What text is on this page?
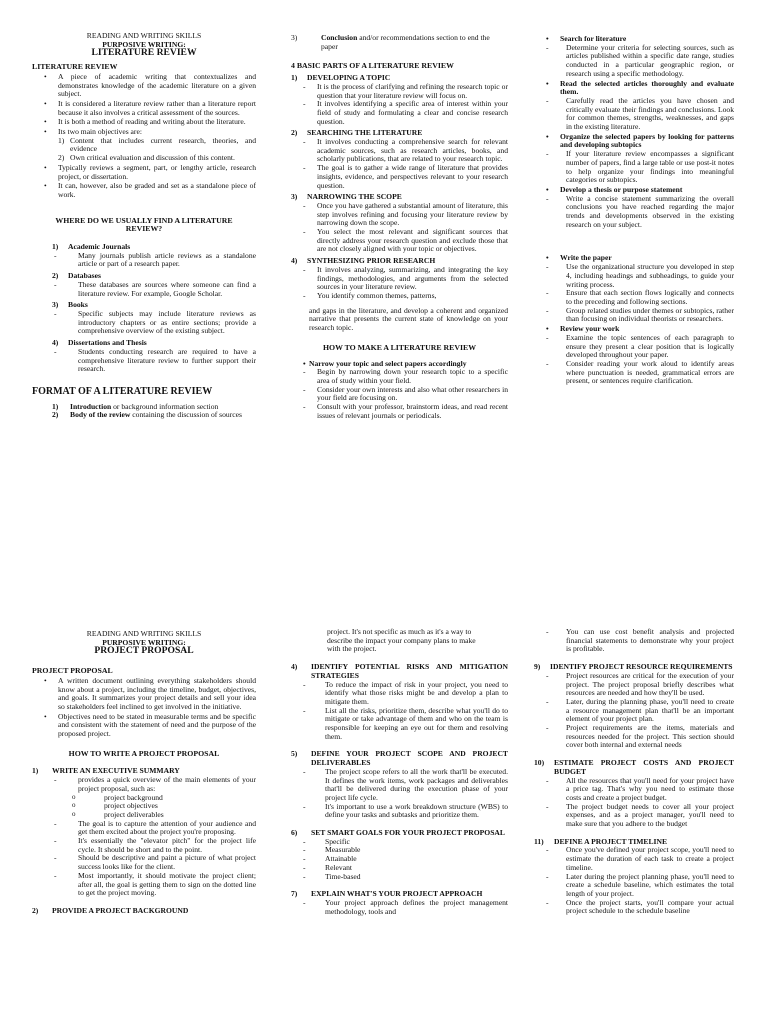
READING AND WRITING SKILLS
PURPOSIVE WRITING:
LITERATURE REVIEW
LITERATURE REVIEW
• A piece of academic writing that contextualizes and demonstrates knowledge of the academic literature on a given subject.
• It is considered a literature review rather than a literature report because it also involves a critical assessment of the sources.
• It is both a method of reading and writing about the literature.
• Its two main objectives are:
1) Content that includes current research, theories, and evidence
2) Own critical evaluation and discussion of this content.
• Typically reviews a segment, part, or lengthy article, research project, or dissertation.
• It can, however, also be graded and set as a standalone piece of work.
WHERE DO WE USUALLY FIND A LITERATURE REVIEW?
1) Academic Journals
- Many journals publish article reviews as a standalone article or part of a research paper.
2) Databases
- These databases are sources where someone can find a literature review. For example, Google Scholar.
3) Books
- Specific subjects may include literature reviews as introductory chapters or as entire sections; provide a comprehensive overview of the existing subject.
4) Dissertations and Thesis
- Students conducting research are required to have a comprehensive literature review to further support their research.
FORMAT OF A LITERATURE REVIEW
1) Introduction or background information section
2) Body of the review containing the discussion of sources
3)	Conclusion and/or recommendations section to end the paper
4 BASIC PARTS OF A LITERATURE REVIEW
1) DEVELOPING A TOPIC
- It is the process of clarifying and refining the research topic or question that your literature review will focus on.
- It involves identifying a specific area of interest within your field of study and formulating a clear and concise research question.
2) SEARCHING THE LITERATURE
- It involves conducting a comprehensive search for relevant academic sources, such as research articles, books, and scholarly publications, that are related to your research topic.
- The goal is to gather a wide range of literature that provides insights, evidence, and perspectives relevant to your research question.
3) NARROWING THE SCOPE
- Once you have gathered a substantial amount of literature, this step involves refining and focusing your literature review by narrowing down the scope.
- You select the most relevant and significant sources that directly address your research question and exclude those that are not closely aligned with your topic or objectives.
4) SYNTHESIZING PRIOR RESEARCH
- It involves analyzing, summarizing, and integrating the key findings, methodologies, and arguments from the selected sources in your literature review.
- You identify common themes, patterns,
and gaps in the literature, and develop a coherent and organized narrative that presents the current state of knowledge on your research topic.
HOW TO MAKE A LITERATURE REVIEW
• Narrow your topic and select papers accordingly
- Begin by narrowing down your research topic to a specific area of study within your field.
- Consider your own interests and also what other researchers in your field are focusing on.
- Consult with your professor, brainstorm ideas, and read recent issues of relevant journals or periodicals.
• Search for literature
- Determine your criteria for selecting sources, such as articles published within a specific date range, studies conducted in a particular geographic region, or research using a specific methodology.
• Read the selected articles thoroughly and evaluate them.
- Carefully read the articles you have chosen and critically evaluate their findings and conclusions. Look for common themes, strengths, weaknesses, and gaps in the existing literature.
• Organize the selected papers by looking for patterns and developing subtopics
- If your literature review encompasses a significant number of papers, find a large table or use post-it notes to help organize your findings into meaningful categories or subtopics.
• Develop a thesis or purpose statement
- Write a concise statement summarizing the overall conclusions you have reached regarding the major trends and developments observed in the existing research on your subject.
• Write the paper
- Use the organizational structure you developed in step 4, including headings and subheadings, to guide your writing process.
- Ensure that each section flows logically and connects to the preceding and following sections.
- Group related studies under themes or subtopics, rather than focusing on individual theorists or researchers.
• Review your work
- Examine the topic sentences of each paragraph to ensure they present a clear position that is logically developed throughout your paper.
- Consider reading your work aloud to identify areas where punctuation is needed, grammatical errors are present, or sentences require clarification.
READING AND WRITING SKILLS
PURPOSIVE WRITING:
PROJECT PROPOSAL
PROJECT PROPOSAL
• A written document outlining everything stakeholders should know about a project, including the timeline, budget, objectives, and goals. It summarizes your project details and sell your idea so stakeholders feel inclined to get involved in the initiative.
• Objectives need to be stated in measurable terms and be specific and consistent with the statement of need and the purpose of the proposed project.
HOW TO WRITE A PROJECT PROPOSAL
1) WRITE AN EXECUTIVE SUMMARY
- provides a quick overview of the main elements of your project proposal, such as:
o project background
o project objectives
o project deliverables
- The goal is to capture the attention of your audience and get them excited about the project you're proposing.
- It's essentially the "elevator pitch" for the project life cycle. It should be short and to the point.
- Should be descriptive and paint a picture of what project success looks like for the client.
- Most importantly, it should motivate the project client; after all, the goal is getting them to sign on the dotted line to get the project moving.
2) PROVIDE A PROJECT BACKGROUND
project. It's not specific as much as it's a way to describe the impact your company plans to make with the project.
4) IDENTIFY POTENTIAL RISKS AND MITIGATION STRATEGIES
- To reduce the impact of risk in your project, you need to identify what those risks might be and develop a plan to mitigate them.
- List all the risks, prioritize them, describe what you'll do to mitigate or take advantage of them and who on the team is responsible for keeping an eye out for them and resolving them.
5) DEFINE YOUR PROJECT SCOPE AND PROJECT DELIVERABLES
- The project scope refers to all the work that'll be executed. It defines the work items, work packages and deliverables that'll be delivered during the execution phase of your project life cycle.
- It's important to use a work breakdown structure (WBS) to define your tasks and subtasks and prioritize them.
6) SET SMART GOALS FOR YOUR PROJECT PROPOSAL
- Specific
- Measurable
- Attainable
- Relevant
- Time-based
7) EXPLAIN WHAT'S YOUR PROJECT APPROACH
- Your project approach defines the project management methodology, tools and
- You can use cost benefit analysis and projected financial statements to demonstrate why your project is profitable.
9) IDENTIFY PROJECT RESOURCE REQUIREMENTS
- Project resources are critical for the execution of your project. The project proposal briefly describes what resources are needed and how they'll be used.
- Later, during the planning phase, you'll need to create a resource management plan that'll be an important element of your project plan.
- Project requirements are the items, materials and resources needed for the project. This section should cover both internal and external needs
10) ESTIMATE PROJECT COSTS AND PROJECT BUDGET
- All the resources that you'll need for your project have a price tag. That's why you need to estimate those costs and create a project budget.
- The project budget needs to cover all your project expenses, and as a project manager, you'll need to make sure that you adhere to the budget
11) DEFINE A PROJECT TIMELINE
- Once you've defined your project scope, you'll need to estimate the duration of each task to create a project timeline.
- Later during the project planning phase, you'll need to create a schedule baseline, which estimates the total length of your project.
- Once the project starts, you'll compare your actual project schedule to the schedule baseline
